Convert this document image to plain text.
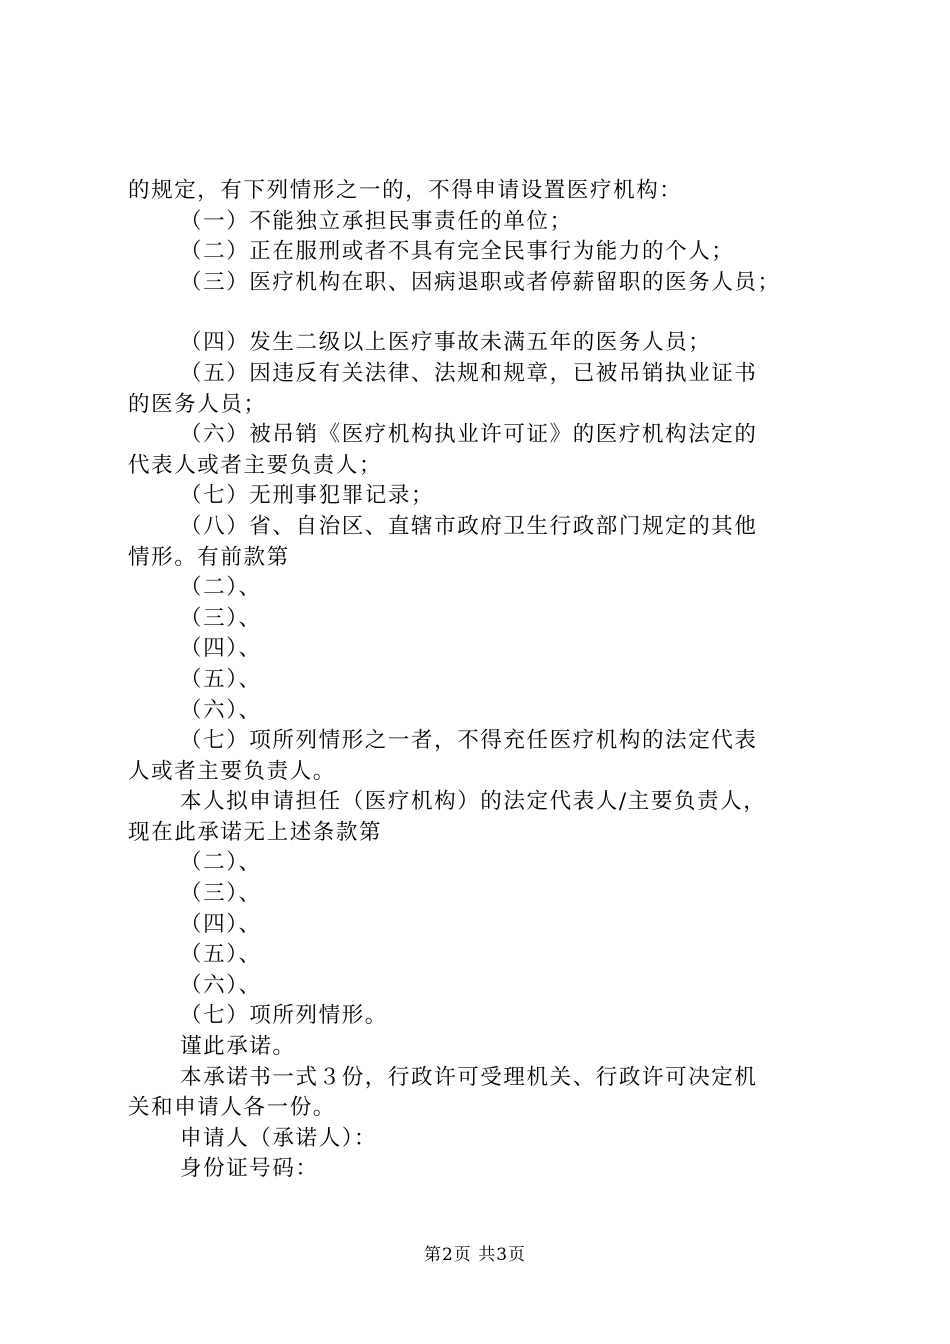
的规定，有下列情形之一的，不得申请设置医疗机构：
（一）不能独立承担民事责任的单位；
（二）正在服刑或者不具有完全民事行为能力的个人；
（三）医疗机构在职、因病退职或者停薪留职的医务人员；
（四）发生二级以上医疗事故未满五年的医务人员；
（五）因违反有关法律、法规和规章，已被吊销执业证书
的医务人员；
（六）被吊销《医疗机构执业许可证》的医疗机构法定的
代表人或者主要负责人；
（七）无刑事犯罪记录；
（八）省、自治区、直辖市政府卫生行政部门规定的其他
情形。有前款第
（二）、
（三）、
（四）、
（五）、
（六）、
（七）项所列情形之一者，不得充任医疗机构的法定代表
人或者主要负责人。
本人拟申请担任（医疗机构）的法定代表人/主要负责人，
现在此承诺无上述条款第
（二）、
（三）、
（四）、
（五）、
（六）、
（七）项所列情形。
谨此承诺。
本承诺书一式３份，行政许可受理机关、行政许可决定机
关和申请人各一份。
申请人（承诺人）：
身份证号码：
第2页 共3页
